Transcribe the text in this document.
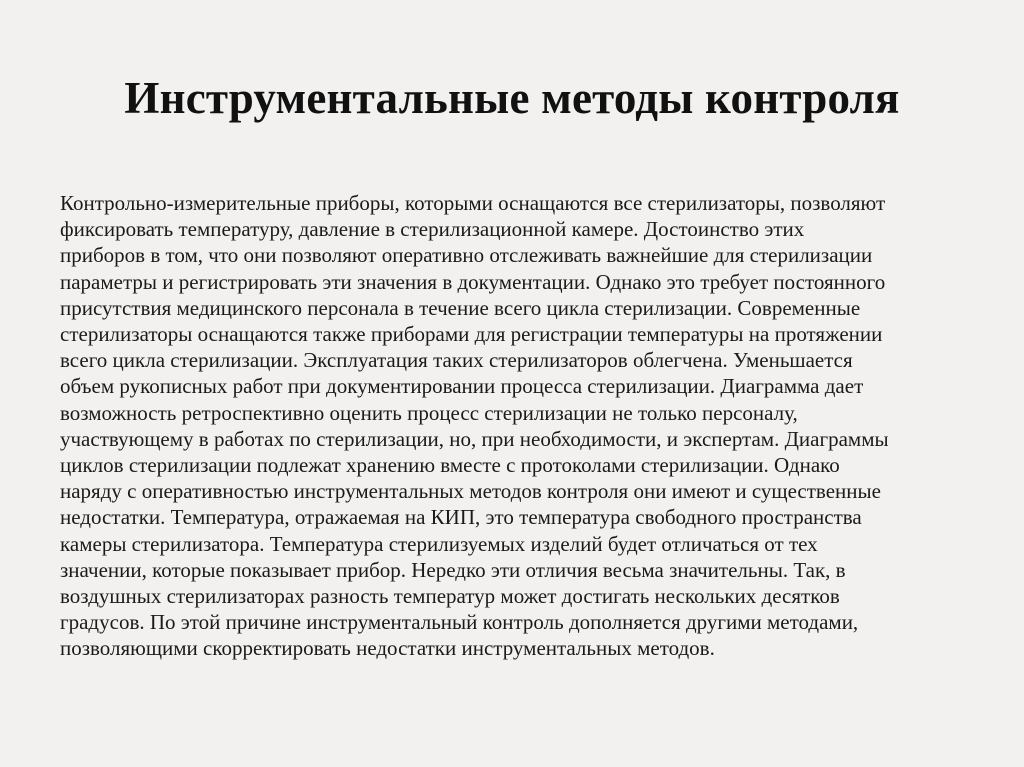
Инструментальные методы контроля
Контрольно-измерительные приборы, которыми оснащаются все стерилизаторы, позволяют
фиксировать температуру, давление в стерилизационной камере. Достоинство этих
приборов в том, что они позволяют оперативно отслеживать важнейшие для стерилизации
параметры и регистрировать эти значения в документации. Однако это требует постоянного
присутствия медицинского персонала в течение всего цикла стерилизации. Современные
стерилизаторы оснащаются также приборами для регистрации температуры на протяжении
всего цикла стерилизации. Эксплуатация таких стерилизаторов облегчена. Уменьшается
объем рукописных работ при документировании процесса стерилизации. Диаграмма дает
возможность ретроспективно оценить процесс стерилизации не только персоналу,
участвующему в работах по стерилизации, но, при необходимости, и экспертам. Диаграммы
циклов стерилизации подлежат хранению вместе с протоколами стерилизации. Однако
наряду с оперативностью инструментальных методов контроля они имеют и существенные
недостатки. Температура, отражаемая на КИП, это температура свободного пространства
камеры стерилизатора. Температура стерилизуемых изделий будет отличаться от тех
значении, которые показывает прибор. Нередко эти отличия весьма значительны. Так, в
воздушных стерилизаторах разность температур может достигать нескольких десятков
градусов. По этой причине инструментальный контроль дополняется другими методами,
позволяющими скорректировать недостатки инструментальных методов.
